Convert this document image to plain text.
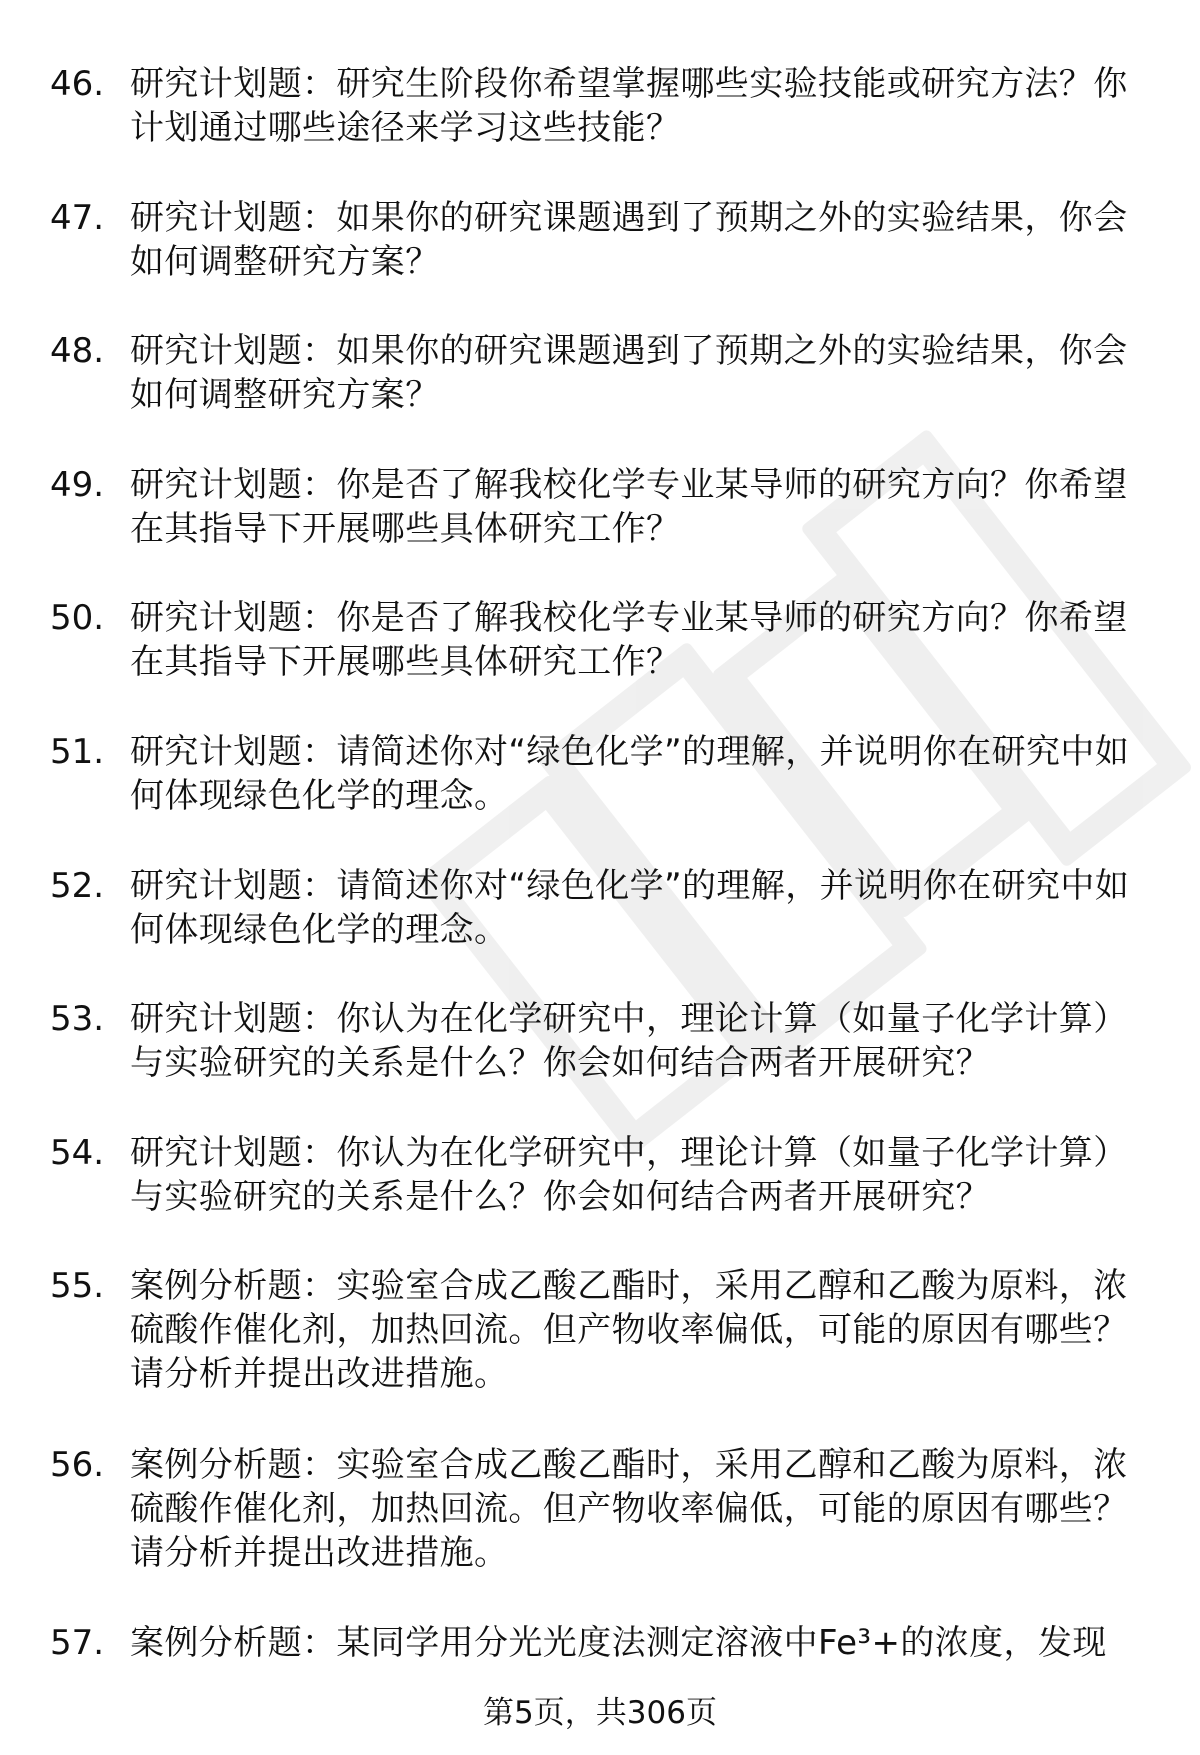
46. 研究计划题：研究生阶段你希望掌握哪些实验技能或研究方法？你计划通过哪些途径来学习这些技能？
47. 研究计划题：如果你的研究课题遇到了预期之外的实验结果，你会如何调整研究方案？
48. 研究计划题：如果你的研究课题遇到了预期之外的实验结果，你会如何调整研究方案？
49. 研究计划题：你是否了解我校化学专业某导师的研究方向？你希望在其指导下开展哪些具体研究工作？
50. 研究计划题：你是否了解我校化学专业某导师的研究方向？你希望在其指导下开展哪些具体研究工作？
51. 研究计划题：请简述你对“绿色化学”的理解，并说明你在研究中如何体现绿色化学的理念。
52. 研究计划题：请简述你对“绿色化学”的理解，并说明你在研究中如何体现绿色化学的理念。
53. 研究计划题：你认为在化学研究中，理论计算（如量子化学计算）与实验研究的关系是什么？你会如何结合两者开展研究？
54. 研究计划题：你认为在化学研究中，理论计算（如量子化学计算）与实验研究的关系是什么？你会如何结合两者开展研究？
55. 案例分析题：实验室合成乙酸乙酯时，采用乙醇和乙酸为原料，浓硫酸作催化剂，加热回流。但产物收率偏低，可能的原因有哪些？请分析并提出改进措施。
56. 案例分析题：实验室合成乙酸乙酯时，采用乙醇和乙酸为原料，浓硫酸作催化剂，加热回流。但产物收率偏低，可能的原因有哪些？请分析并提出改进措施。
57. 案例分析题：某同学用分光光度法测定溶液中Fe³+的浓度，发现
第5页，共306页
